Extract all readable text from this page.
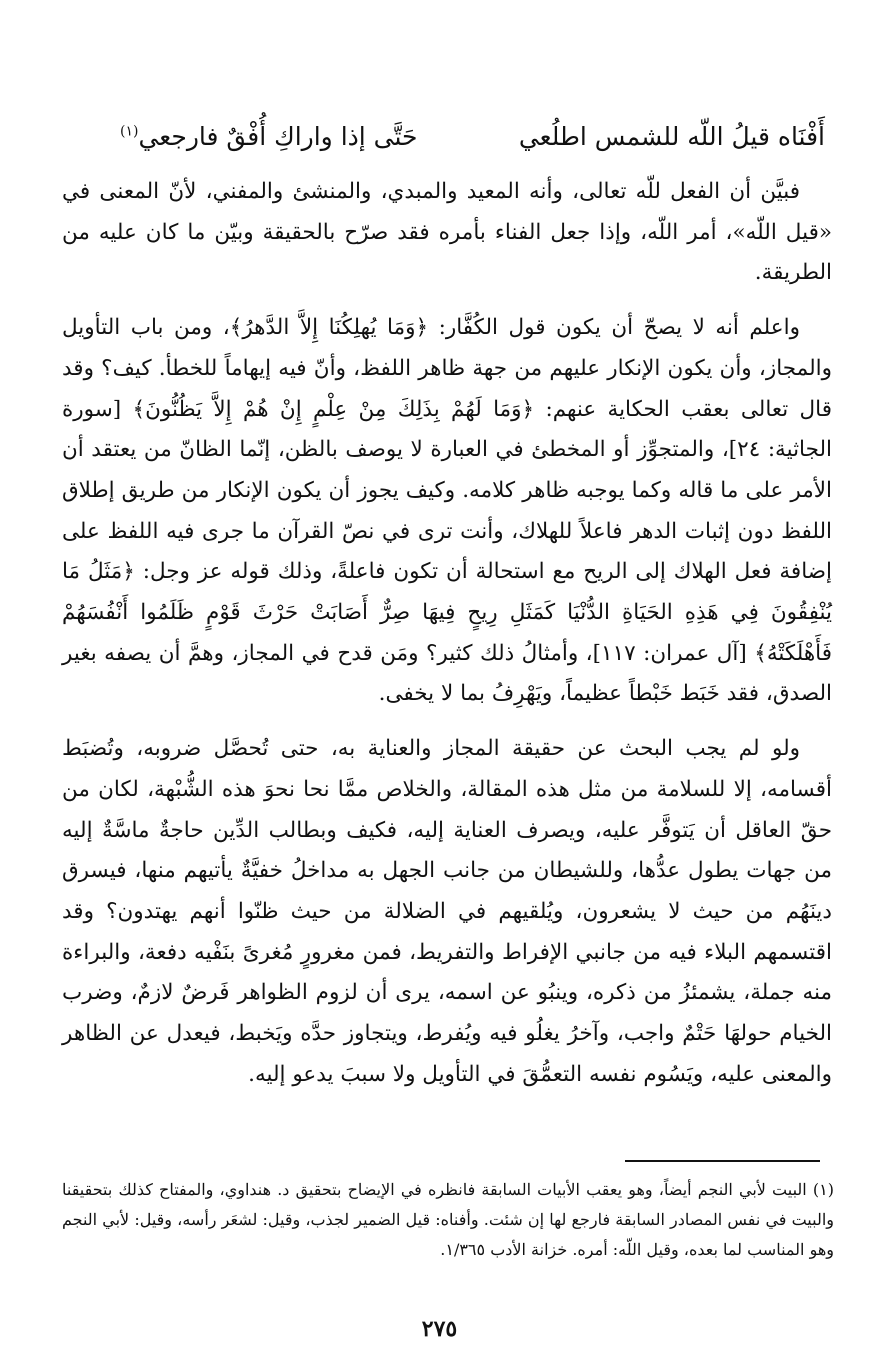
أَفْنَاه قيلُ اللّه للشمس اطلُعي
حَتَّى إذا واراكِ أُفْقٌ فارجعي$^{(١)}$

فبيَّن أن الفعل للّه تعالى، وأنه المعيد والمبدي، والمنشئ والمفني، لأنّ المعنى في «قيل اللّه»، أمر اللّه، وإذا جعل الفناء بأمره فقد صرّح بالحقيقة وبيّن ما كان عليه من الطريقة.

واعلم أنه لا يصحّ أن يكون قول الكُفَّار: ﴿وَمَا يُهلِكُنَا إِلاَّ الدَّهرُ﴾، ومن باب التأويل والمجاز، وأن يكون الإنكار عليهم من جهة ظاهر اللفظ، وأنّ فيه إيهاماً للخطأ. كيف؟ وقد قال تعالى بعقب الحكاية عنهم: ﴿وَمَا لَهُمْ بِذَلِكَ مِنْ عِلْمٍ إِنْ هُمْ إِلاَّ يَظُنُّونَ﴾ [سورة الجاثية: ٢٤]، والمتجوِّز أو المخطئ في العبارة لا يوصف بالظن، إنّما الظانّ من يعتقد أن الأمر على ما قاله وكما يوجبه ظاهر كلامه. وكيف يجوز أن يكون الإنكار من طريق إطلاق اللفظ دون إثبات الدهر فاعلاً للهلاك، وأنت ترى في نصّ القرآن ما جرى فيه اللفظ على إضافة فعل الهلاك إلى الريح مع استحالة أن تكون فاعلةً، وذلك قوله عز وجل: ﴿مَثَلُ مَا يُنْفِقُونَ فِي هَذِهِ الحَيَاةِ الدُّنْيَا كَمَثَلِ رِيحٍ فِيهَا صِرٌّ أَصَابَتْ حَرْثَ قَوْمٍ ظَلَمُوا أَنْفُسَهُمْ فَأَهْلَكَتْهُ﴾ [آل عمران: ١١٧]، وأمثالُ ذلك كثير؟ ومَن قدح في المجاز، وهمَّ أن يصفه بغير الصدق، فقد خَبَط خَبْطاً عظيماً، ويَهْرِفُ بما لا يخفى.

ولو لم يجب البحث عن حقيقة المجاز والعناية به، حتى تُحصَّل ضروبه، وتُضبَط أقسامه، إلا للسلامة من مثل هذه المقالة، والخلاص ممَّا نحا نحوَ هذه الشُّبْهة، لكان من حقّ العاقل أن يَتوفَّر عليه، ويصرف العناية إليه، فكيف وبطالب الدِّين حاجةٌ ماسَّةٌ إليه من جهات يطول عدُّها، وللشيطان من جانب الجهل به مداخلُ خفيَّةٌ يأتيهم منها، فيسرق دينَهُم من حيث لا يشعرون، ويُلقيهم في الضلالة من حيث ظنّوا أنهم يهتدون؟ وقد اقتسمهم البلاء فيه من جانبي الإفراط والتفريط، فمن مغرورٍ مُغرىً بنَفْيه دفعة، والبراءة منه جملة، يشمئزُ من ذكره، وينبُو عن اسمه، يرى أن لزوم الظواهر فَرضٌ لازمٌ، وضرب الخيام حولهَا حَتْمٌ واجب، وآخرُ يغلُو فيه ويُفرط، ويتجاوز حدَّه ويَخبط، فيعدل عن الظاهر والمعنى عليه، ويَسُوم نفسه التعمُّقَ في التأويل ولا سببَ يدعو إليه.

(١) البيت لأبي النجم أيضاً، وهو يعقب الأبيات السابقة فانظره في الإيضاح بتحقيق د. هنداوي، والمفتاح كذلك بتحقيقنا والبيت في نفس المصادر السابقة فارجع لها إن شئت. وأفناه: قيل الضمير لجذب، وقيل: لشعَر رأسه، وقيل: لأبي النجم وهو المناسب لما بعده، وقيل اللّه: أمره. خزانة الأدب ١/٣٦٥.
٢٧٥
